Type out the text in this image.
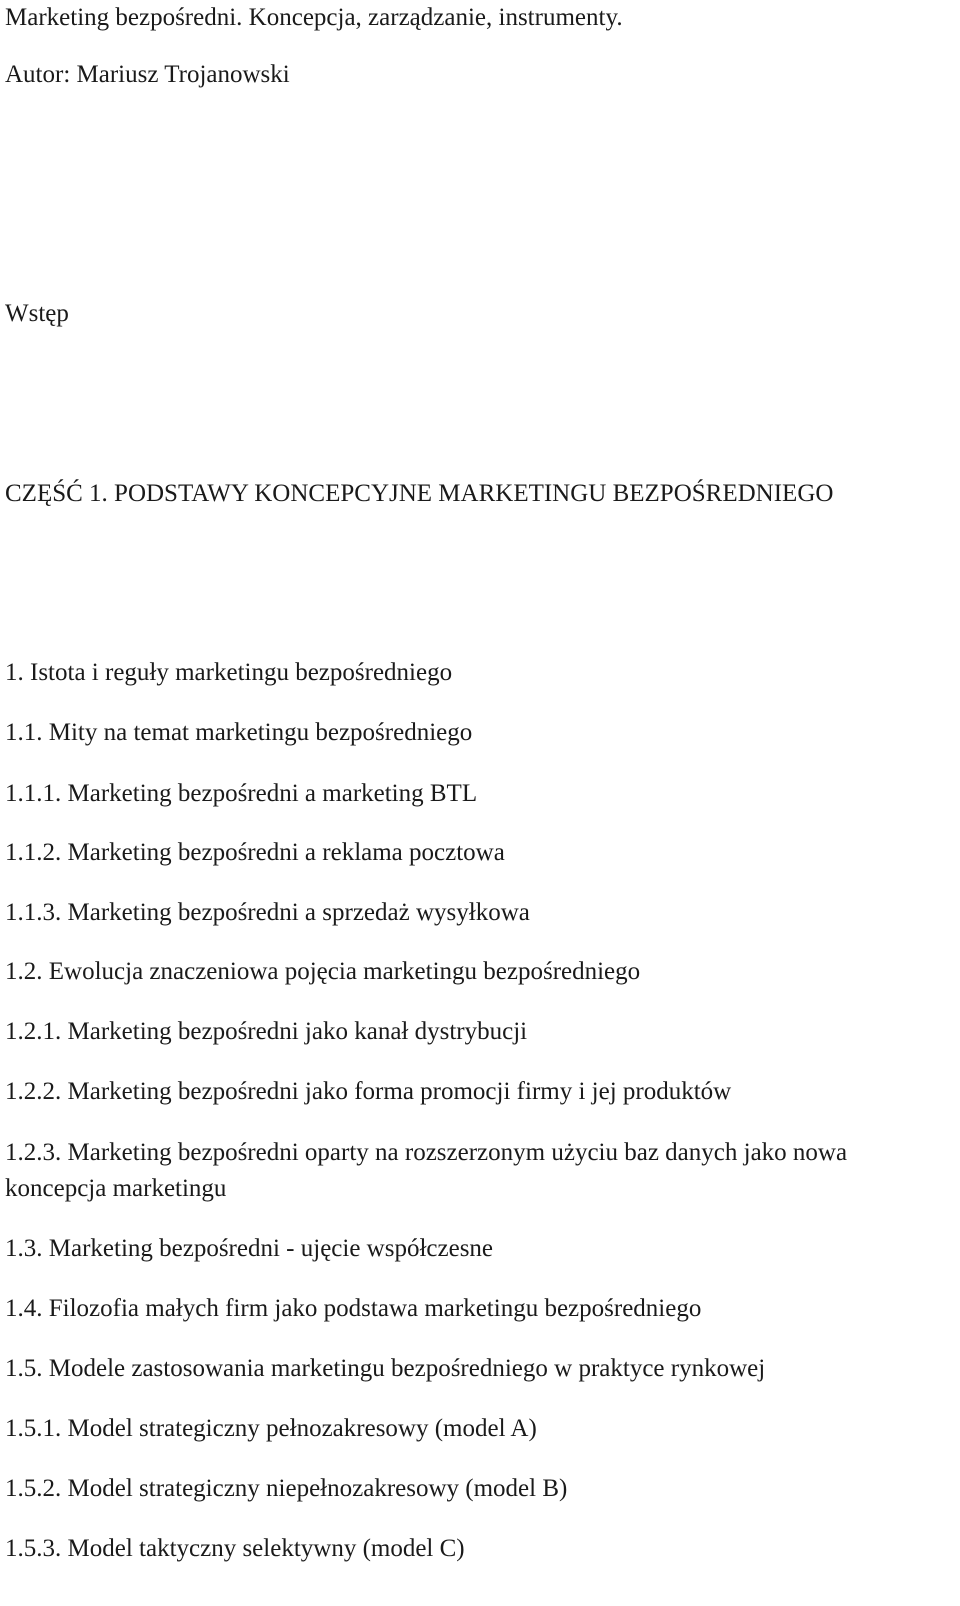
Marketing bezpośredni. Koncepcja, zarządzanie, instrumenty.
Autor: Mariusz Trojanowski
Wstęp
CZĘŚĆ 1. PODSTAWY KONCEPCYJNE MARKETINGU BEZPOŚREDNIEGO
1. Istota i reguły marketingu bezpośredniego
1.1. Mity na temat marketingu bezpośredniego
1.1.1. Marketing bezpośredni a marketing BTL
1.1.2. Marketing bezpośredni a reklama pocztowa
1.1.3. Marketing bezpośredni a sprzedaż wysyłkowa
1.2. Ewolucja znaczeniowa pojęcia marketingu bezpośredniego
1.2.1. Marketing bezpośredni jako kanał dystrybucji
1.2.2. Marketing bezpośredni jako forma promocji firmy i jej produktów
1.2.3. Marketing bezpośredni oparty na rozszerzonym użyciu baz danych jako nowa koncepcja marketingu
1.3. Marketing bezpośredni - ujęcie współczesne
1.4. Filozofia małych firm jako podstawa marketingu bezpośredniego
1.5. Modele zastosowania marketingu bezpośredniego w praktyce rynkowej
1.5.1. Model strategiczny pełnozakresowy (model A)
1.5.2. Model strategiczny niepełnozakresowy (model B)
1.5.3. Model taktyczny selektywny (model C)
